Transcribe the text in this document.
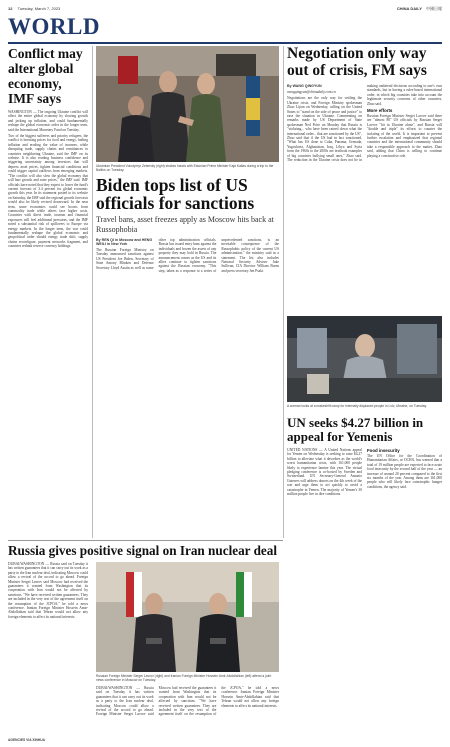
12 Tuesday, March 7, 2023	CHINA DAILY 中國日報
WORLD
Conflict may alter global economy, IMF says
WASHINGTON — The ongoing Ukraine conflict will affect the entire global economy by slowing growth and jacking up inflation, and could fundamentally reshape the global economic order in the longer term, said the International Monetary Fund on Tuesday.
Two of the biggest sufferers and priority refugees, the conflict is boosting prices for food and energy, fueling inflation and eroding the value of incomes, while disrupting trade, supply chains and remittances to countries neighboring Ukraine, said the IMF on its website. It is also eroding business confidence and triggering uncertainty among investors that will depress asset prices, tighten financial conditions and could trigger capital outflows from emerging markets. "The conflict will also slow the global economy that will hurt growth and raise prices," the IMF said. IMF officials have noted that they expect to lower the fund's current forecast of 3.4 percent for global economic growth this year. In its statement posted to its website on Saturday, the IMF said the regional growth forecasts would also be likely revised downward. In the near term, some economies could see boosts from commodity trade while others face higher costs. Countries with direct trade, tourism and financial exposures will feel additional pressures, and the IMF noted a substantial risk of spillovers to Europe via energy markets. In the longer term, the war could fundamentally reshape the global economic and geopolitical order should energy trade shift, supply chains reconfigure, payment networks fragment, and countries rethink reserve currency holdings.
Ukrainian President Volodymyr Zelensky (right) shakes hands with Estonian Prime Minister Kaja Kallas during a trip to the Baltics on Tuesday.
Biden tops list of US officials for sanctions
Travel bans, asset freezes apply as Moscow hits back at Russophobia
By REN QI in Moscow and HENG WEILI in New York
The Russian Foreign Ministry on Tuesday announced sanctions against US President Joe Biden, Secretary of State Antony Blinken and Defense Secretary Lloyd Austin as well as some other top administration officials. Russia has issued entry bans against the individuals and frozen the assets of any property they may hold in Russia. The announcement comes as the US and its allies continue to tighten sanctions against the Russian economy. "This step, taken as a response to a series of unprecedented sanctions, is an inevitable consequence of the Russophobic policy of the current US administration," the ministry said in a statement. The list also includes National Security Adviser Jake Sullivan, CIA Director William Burns and press secretary Jen Psaki.
Negotiation only way out of crisis, FM says
By WANG QINGYUN
wangqingyun@chinadaily.com.cn
Negotiations are the only way for settling the Ukraine crisis, and Foreign Ministry spokesman Zhao Lijian on Wednesday, calling on the United States to "stand on the side of peace and justice" to ease the situation in Ukraine. Commenting on remarks made by US Department of State spokesman Ned Price on Monday that Russia is "violating... who have been rained down what the international order... that are sanctioned by the US", Zhao said that if the US had in fact sanctioned, "What has US done to Cuba, Panama, Grenada, Yugoslavia, Afghanistan, Iraq, Libya and Syria from the 1960s to the 2000s are textbook examples of big countries bullying small ones," Zhao said. The reduction in the Ukraine crisis does not lie in making unilateral decisions according to one's own standards, but in having a rules-based international order, in which big countries take into account the legitimate security concerns of other countries, Zhao said.
More efforts
Russian Foreign Minister Sergei Lavrov said there are "almost 80" US officials by Russian Sergei Lavrov "hit in Ukraine alone", and Russia will "double and triple" its efforts to counter the isolating of the world. It is important to prevent further escalation and emphasized that regional countries and the international community should take a responsible approach to the matter, Zhao said, adding that China is willing to continue playing a constructive role.
A woman looks at a makeshift camp for internally displaced people in Lviv, Ukraine, on Tuesday.
UN seeks $4.27 billion in appeal for Yemenis
UNITED NATIONS — A United Nations appeal for Yemen on Wednesday is seeking to raise $4.27 billion to alleviate what it describes as the world's worst humanitarian crisis, with 161,000 people likely to experience famine this year. The virtual pledging conference is co-hosted by Sweden and Switzerland. UN Secretary-General Antonio Guterres will address donors on the 4th week of the war and urge them to act quickly to avoid a catastrophe in Yemen. The majority of Yemen's 30 million people live in dire conditions.
Food insecurity
The UN Office for the Coordination of Humanitarian Affairs, or OCHA, has warned that a total of 19 million people are expected to face acute food insecurity by the second half of the year — an increase of around 20 percent compared to the first six months of the year. Among them are 161,000 people who will likely face catastrophic hunger conditions, the agency said.
Russia gives positive signal on Iran nuclear deal
DUBAI/WASHINGTON — Russia said on Tuesday it has written guarantees that it can carry out its work as a party to the Iran nuclear deal, indicating Moscow could allow a revival of the accord to go ahead. Foreign Minister Sergei Lavrov said Moscow had received the guarantees it wanted from Washington that its cooperation with Iran would not be affected by sanctions. "We have received written guarantees. They are included in the very text of the agreement itself on the resumption of the JCPOA," he told a news conference. Iranian Foreign Minister Hossein Amir-Abdollahian said that Tehran would not allow any foreign elements to affect its national interests.
Russian Foreign Minister Sergei Lavrov (right) and Iranian Foreign Minister Hossein Amir-Abdollahian (left) attend a joint news conference in Moscow on Tuesday.
DUBAI/WASHINGTON — Russia said on Tuesday it has written guarantees that it can carry out its work as a party to the Iran nuclear deal, indicating Moscow could allow a revival of the accord to go ahead. Foreign Minister Sergei Lavrov said Moscow had received the guarantees it wanted from Washington that its cooperation with Iran would not be affected by sanctions. "We have received written guarantees. They are included in the very text of the agreement itself on the resumption of the JCPOA," he told a news conference. Iranian Foreign Minister Hossein Amir-Abdollahian said that Tehran would not allow any foreign elements to affect its national interests.
AGENCIES VIA XINHUA
